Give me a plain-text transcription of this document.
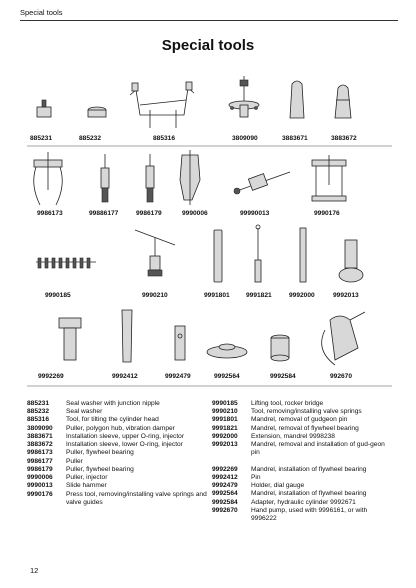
Special tools
Special tools
885231	885232	885316	3809090	3883671	3883672
9986173	99886177	9986179	9990006	99990013	9990176
9990185	9990210	9991801 9991821	9992000	9992013
9992269	9992412	9992479	9992564	9992584	992670
885231	Seal washer with junction nipple
885232	Seal washer
885316	Tool, for tilting the cylinder head
3809090	Puller, polygon hub, vibration damper
3883671	Installation sleeve, upper O-ring, injector
3883672	Installation sleeve, lower O-ring, injector
9986173	Puller, flywheel bearing
9986177	Puller
9986179	Puller, flywheel bearing
9990006	Puller, injector
9990013	Slide hammer
9990176	Press tool, removing/installing valve springs and valve guides
9990185	Lifting tool, rocker bridge
9990210	Tool, removing/installing valve springs
9991801	Mandrel, removal of gudgeon pin
9991821	Mandrel, removal of flywheel bearing
9992000	Extension, mandrel 9998238
9992013	Mandrel, removal and installation of gud-geon pin
9992269	Mandrel, installation of flywheel bearing
9992412	Pin
9992479	Holder, dial gauge
9992564	Mandrel, installation of flywheel bearing
9992584	Adapter, hydraulic cylinder 9992671
9992670	Hand pump, used with 9996161, or with 9996222
12
